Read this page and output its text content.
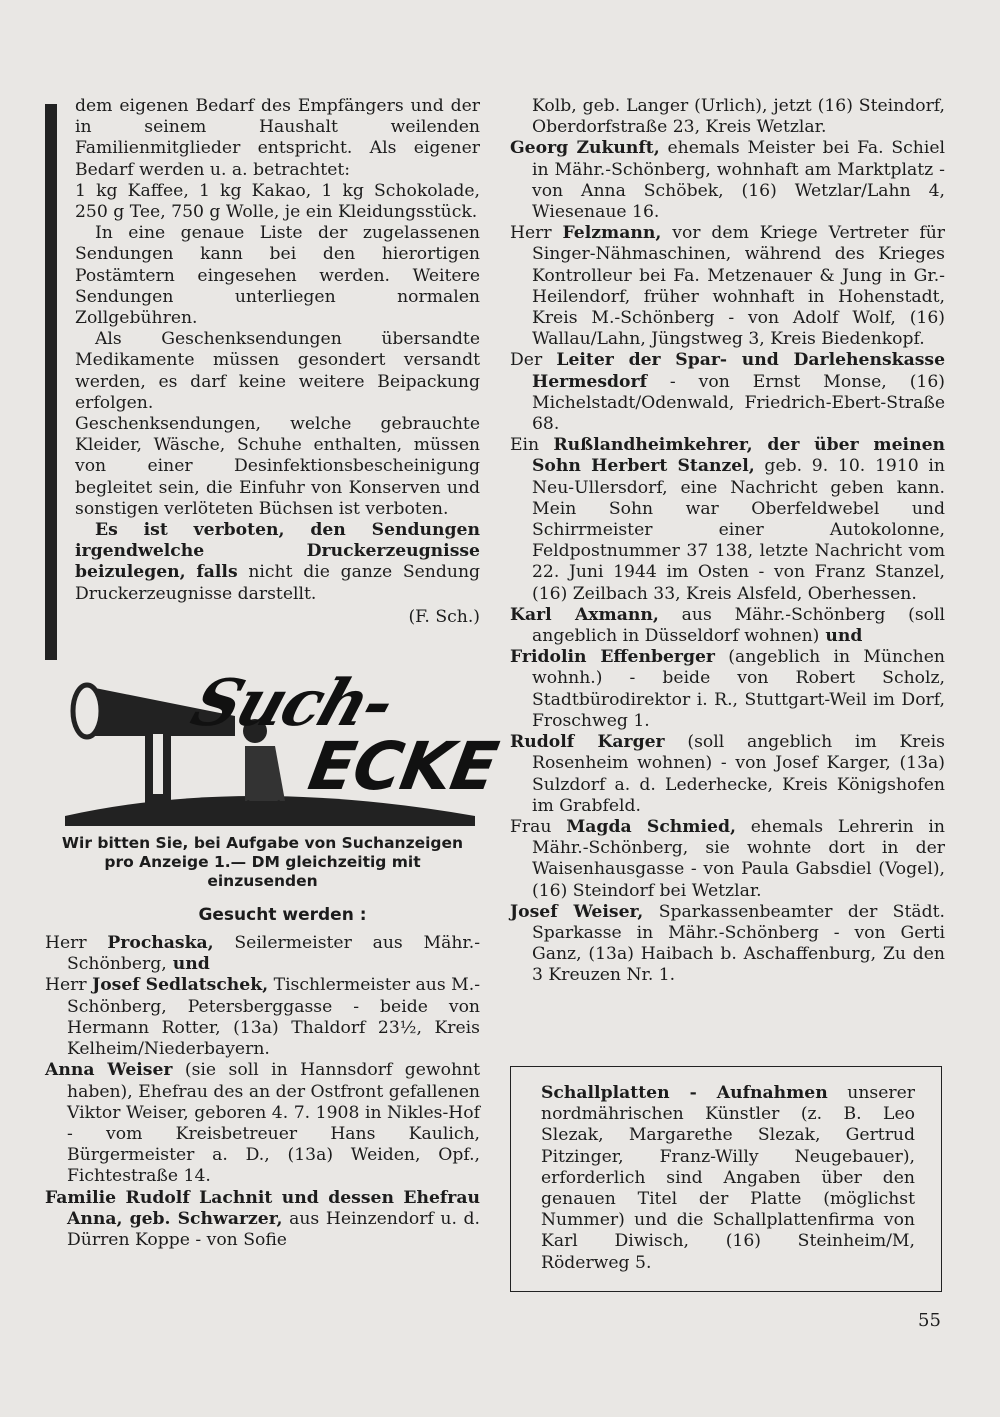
dem eigenen Bedarf des Empfängers und der in seinem Haushalt weilenden Familienmitglieder entspricht. Als eigener Bedarf werden u. a. betrachtet:

1 kg Kaffee, 1 kg Kakao, 1 kg Schokolade, 250 g Tee, 750 g Wolle, je ein Kleidungsstück.

In eine genaue Liste der zugelassenen Sendungen kann bei den hierortigen Postämtern eingesehen werden. Weitere Sendungen unterliegen normalen Zollgebühren.

Als Geschenksendungen übersandte Medikamente müssen gesondert versandt werden, es darf keine weitere Beipackung erfolgen.

Geschenksendungen, welche gebrauchte Kleider, Wäsche, Schuhe enthalten, müssen von einer Desinfektionsbescheinigung begleitet sein, die Einfuhr von Konserven und sonstigen verlöteten Büchsen ist verboten.

Es ist verboten, den Sendungen irgendwelche Druckerzeugnisse beizulegen, falls nicht die ganze Sendung Druckerzeugnisse darstellt.

(F. Sch.)

Such-
ECKE

Wir bitten Sie, bei Aufgabe von Suchanzeigen pro Anzeige 1.— DM gleichzeitig mit einzusenden

Gesucht werden :

Herr Prochaska, Seilermeister aus Mähr.-Schönberg, und

Herr Josef Sedlatschek, Tischlermeister aus M.-Schönberg, Petersberggasse - beide von Hermann Rotter, (13a) Thaldorf 23½, Kreis Kelheim/Niederbayern.

Anna Weiser (sie soll in Hannsdorf gewohnt haben), Ehefrau des an der Ostfront gefallenen Viktor Weiser, geboren 4. 7. 1908 in Nikles-Hof - vom Kreisbetreuer Hans Kaulich, Bürgermeister a. D., (13a) Weiden, Opf., Fichtestraße 14.

Familie Rudolf Lachnit und dessen Ehefrau Anna, geb. Schwarzer, aus Heinzendorf u. d. Dürren Koppe - von Sofie

Kolb, geb. Langer (Urlich), jetzt (16) Steindorf, Oberdorfstraße 23, Kreis Wetzlar.

Georg Zukunft, ehemals Meister bei Fa. Schiel in Mähr.-Schönberg, wohnhaft am Marktplatz - von Anna Schöbek, (16) Wetzlar/Lahn 4, Wiesenaue 16.

Herr Felzmann, vor dem Kriege Vertreter für Singer-Nähmaschinen, während des Krieges Kontrolleur bei Fa. Metzenauer & Jung in Gr.-Heilendorf, früher wohnhaft in Hohenstadt, Kreis M.-Schönberg - von Adolf Wolf, (16) Wallau/Lahn, Jüngstweg 3, Kreis Biedenkopf.

Der Leiter der Spar- und Darlehenskasse Hermesdorf - von Ernst Monse, (16) Michelstadt/Odenwald, Friedrich-Ebert-Straße 68.

Ein Rußlandheimkehrer, der über meinen Sohn Herbert Stanzel, geb. 9. 10. 1910 in Neu-Ullersdorf, eine Nachricht geben kann. Mein Sohn war Oberfeldwebel und Schirrmeister einer Autokolonne, Feldpostnummer 37 138, letzte Nachricht vom 22. Juni 1944 im Osten - von Franz Stanzel, (16) Zeilbach 33, Kreis Alsfeld, Oberhessen.

Karl Axmann, aus Mähr.-Schönberg (soll angeblich in Düsseldorf wohnen) und

Fridolin Effenberger (angeblich in München wohnh.) - beide von Robert Scholz, Stadtbürodirektor i. R., Stuttgart-Weil im Dorf, Froschweg 1.

Rudolf Karger (soll angeblich im Kreis Rosenheim wohnen) - von Josef Karger, (13a) Sulzdorf a. d. Lederhecke, Kreis Königshofen im Grabfeld.

Frau Magda Schmied, ehemals Lehrerin in Mähr.-Schönberg, sie wohnte dort in der Waisenhausgasse - von Paula Gabsdiel (Vogel), (16) Steindorf bei Wetzlar.

Josef Weiser, Sparkassenbeamter der Städt. Sparkasse in Mähr.-Schönberg - von Gerti Ganz, (13a) Haibach b. Aschaffenburg, Zu den 3 Kreuzen Nr. 1.

Schallplatten - Aufnahmen unserer nordmährischen Künstler (z. B. Leo Slezak, Margarethe Slezak, Gertrud Pitzinger, Franz-Willy Neugebauer), erforderlich sind Angaben über den genauen Titel der Platte (möglichst Nummer) und die Schallplattenfirma von Karl Diwisch, (16) Steinheim/M, Röderweg 5.

55
